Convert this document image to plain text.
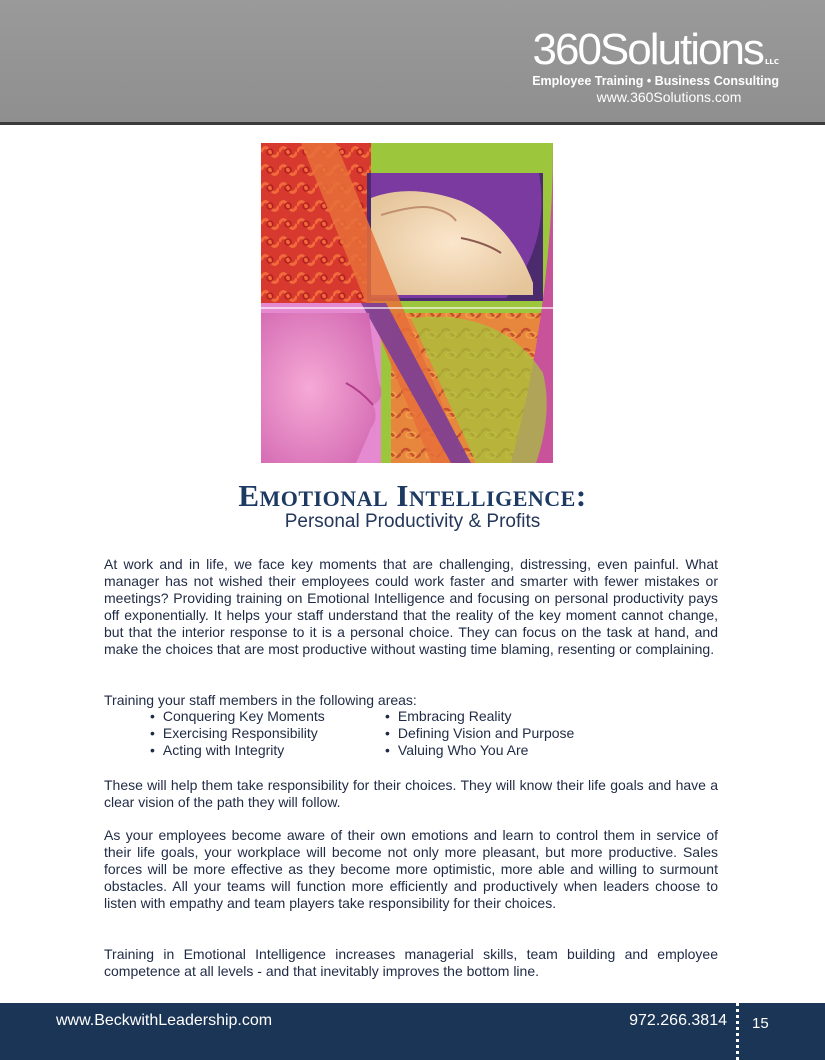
360Solutions LLC
Employee Training • Business Consulting
www.360Solutions.com
Emotional Intelligence:
Personal Productivity & Profits
At work and in life, we face key moments that are challenging, distressing, even painful. What manager has not wished their employees could work faster and smarter with fewer mistakes or meetings? Providing training on Emotional Intelligence and focusing on personal productivity pays off exponentially. It helps your staff understand that the reality of the key moment cannot change, but that the interior response to it is a personal choice. They can focus on the task at hand, and make the choices that are most productive without wasting time blaming, resenting or complaining.
Training your staff members in the following areas:
• Conquering Key Moments
• Exercising Responsibility
• Acting with Integrity
• Embracing Reality
• Defining Vision and Purpose
• Valuing Who You Are
These will help them take responsibility for their choices. They will know their life goals and have a clear vision of the path they will follow.
As your employees become aware of their own emotions and learn to control them in service of their life goals, your workplace will become not only more pleasant, but more productive. Sales forces will be more effective as they become more optimistic, more able and willing to surmount obstacles. All your teams will function more efficiently and productively when leaders choose to listen with empathy and team players take responsibility for their choices.
Training in Emotional Intelligence increases managerial skills, team building and employee competence at all levels - and that inevitably improves the bottom line.
www.BeckwithLeadership.com	972.266.3814 15
